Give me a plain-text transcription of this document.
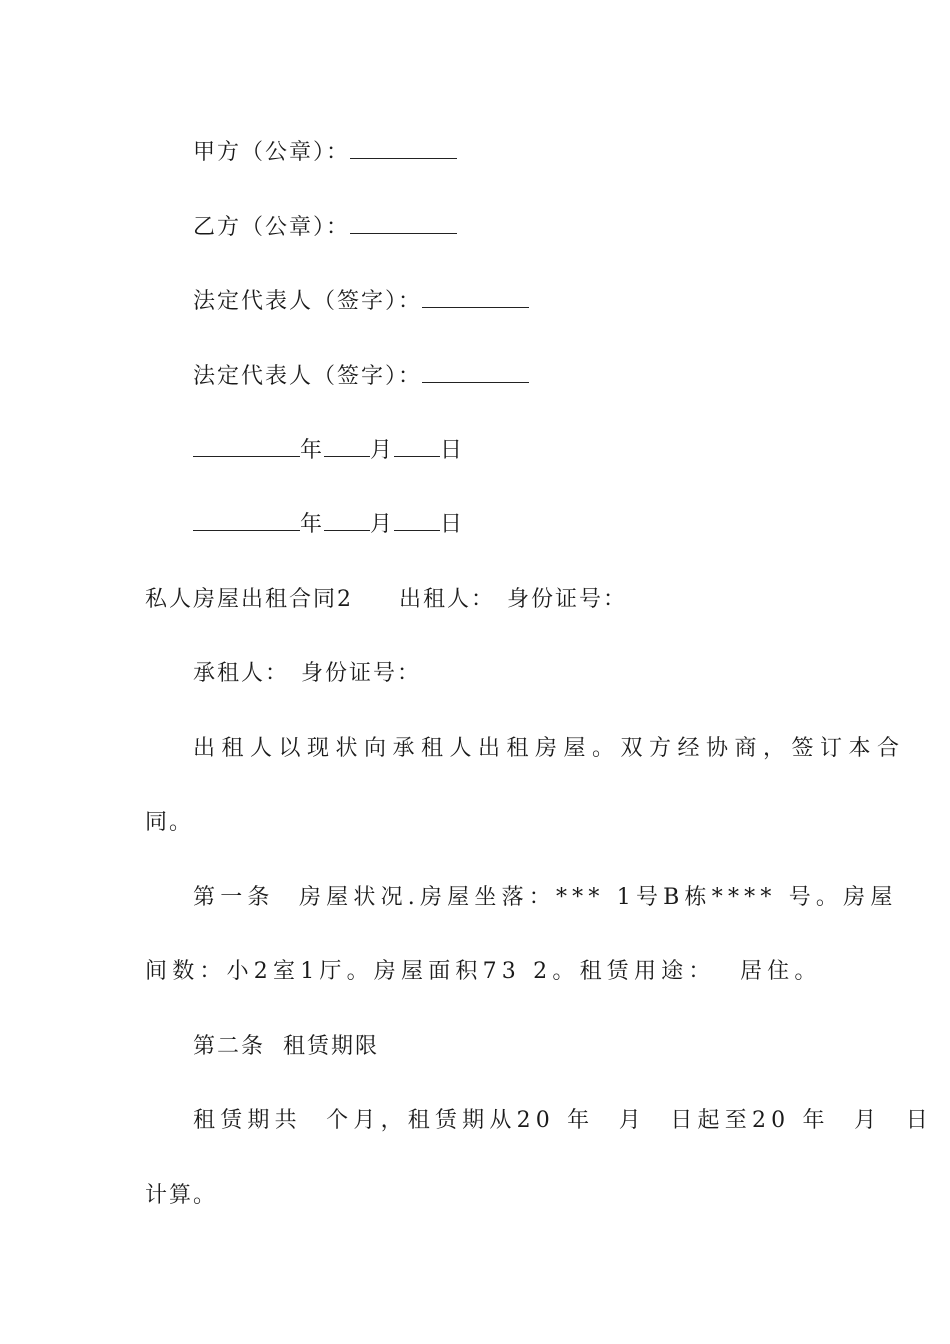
甲方（公章）：
乙方（公章）：
法定代表人（签字）：
法定代表人（签字）：
年 月 日
年 月 日
私人房屋出租合同2 出租人： 身份证号：
承租人： 身份证号：
出租人以现状向承租人出租房屋。双方经协商，签订本合
同。
第一条  房屋状况.房屋坐落：*** 1号B栋**** 号。房屋
间数：小2室1厅。房屋面积73 2。租赁用途：  居住。
第二条  租赁期限
租赁期共  个月，租赁期从20 年  月  日起至20 年  月  日
计算。
